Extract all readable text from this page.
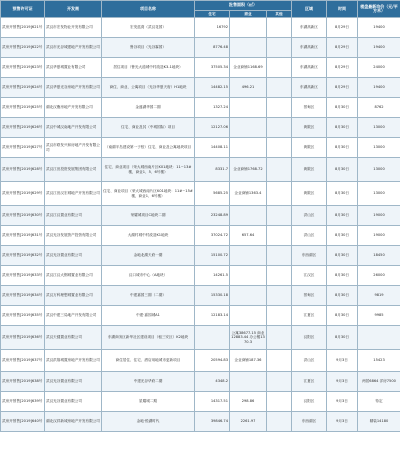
预售许可证	开发商	项目名称	批售面积（㎡）			区域	时间	楼盘最新均价（元/平方米）
			住宅	商业	其他			
武房开预售[2019]621号	武汉市宏发物业开发有限公司	宏发蓝湾（武汉花园）	16792			东湖高新区	8月29日	19400
武房开预售[2019]622号	武汉市光谷城建地产开发有限公司	鲁谷项目（光谷霖园）	8776.48			东湖高新区	8月29日	19400
武房开预售[2019]623号	武汉华夏城置业有限公司	居住项目（鲁光大道城中村改造K3-1地块）	37505.34	企业商铺1168.69		东湖高新区	8月29日	24000
武房开预售[2019]624号	武汉华夏光谷房地产开发有限公司	商住、商业、公寓项目（光谷华夏天府）H1地块	14482.15	496.21		东湖高新区	8月29日	19400
武房开预售[2019]625号	湖北汉衡房地产开发有限公司	金盛湖华园二期	1327.24			蔡甸区	8月30日	8762
武房开预售[2019]626号	武汉中城汉南地产开发有限公司	住宅、商业及其（中城国际）项目	12127.06			黄陂区	8月30日	13000
武房开预售[2019]627号	武汉市联发兴和房地产开发有限公司	（南湖半岛建设第一子校）住宅、商业及公寓地块项目	14408.11			黄陂区	8月30日	13000
武房开预售[2019]628号	武汉江田投资发展集团有限公司	住宅、商业项目（荣大城西南片区K01地块：11~13#楼，商业1、5、6号楼）	8331.7	企业商铺1768.72		黄陂区	8月30日	13000
武房开预售[2019]629号	武汉江田汉宏城地产开发有限公司	住宅、商业项目（荣大城西南片区K01地块：11#~15#楼，商业1、6号楼）	5685.25	企业商铺1363.4		黄陂区	8月30日	13000
武房开预售[2019]630号	武汉江汉置业有限公司	荣耀城项目C地块二期	23248.89			洪山区	8月30日	19000
武房开预售[2019]631号	武汉光谷发展资产投资有限公司	大湖村城中村改造K1地块	37024.72	657.64		洪山区	8月30日	19000
武房开预售[2019]632号	武汉光谷置业有限公司	金地北湖天府一期	15100.72			东西湖区	8月30日	18450
武房开预售[2019]633号	武汉江汉大钢城置业有限公司	汉口城市中心（A地块）	14261.5			江汉区	8月30日	26000
武房开预售[2019]634号	武汉万科理想城置业有限公司	中建嘉园三期（二期）	15330.18			蔡甸区	8月30日	9819
武房开预售[2019]635号	武汉中建三局地产开发有限公司	中建·嘉园城A1	12183.14			江夏区	8月30日	9985
武房开预售[2019]636号	武汉天健置业有限公司	东湖商务区新华社区建设项目（租三安区）K2地块		公寓38677.15 商业12883.44 办公楼1370.3		汉阳区	8月30日	
武房开预售[2019]637号	武汉洪翔城置房地产开发有限公司	商住居住、住宅、酒店用地城市更新项目	20594.83	企业商铺187.36		洪山区	9月3日	15423
武房开预售[2019]638号	武汉光谷置业有限公司	中建光谷华府二期	4348.2			江夏区	9月3日	两居6864 洋房7500
武房开预售[2019]639号	武汉光谷置业有限公司	星耀城二期	14317.51	298.86		汉阳区	9月3日	待定
武房开预售[2019]640号	湖北汉祥新城房地产开发有限公司	金地·悦湖时代	39846.74	2261.97		东西湖区	9月3日	精装14180
